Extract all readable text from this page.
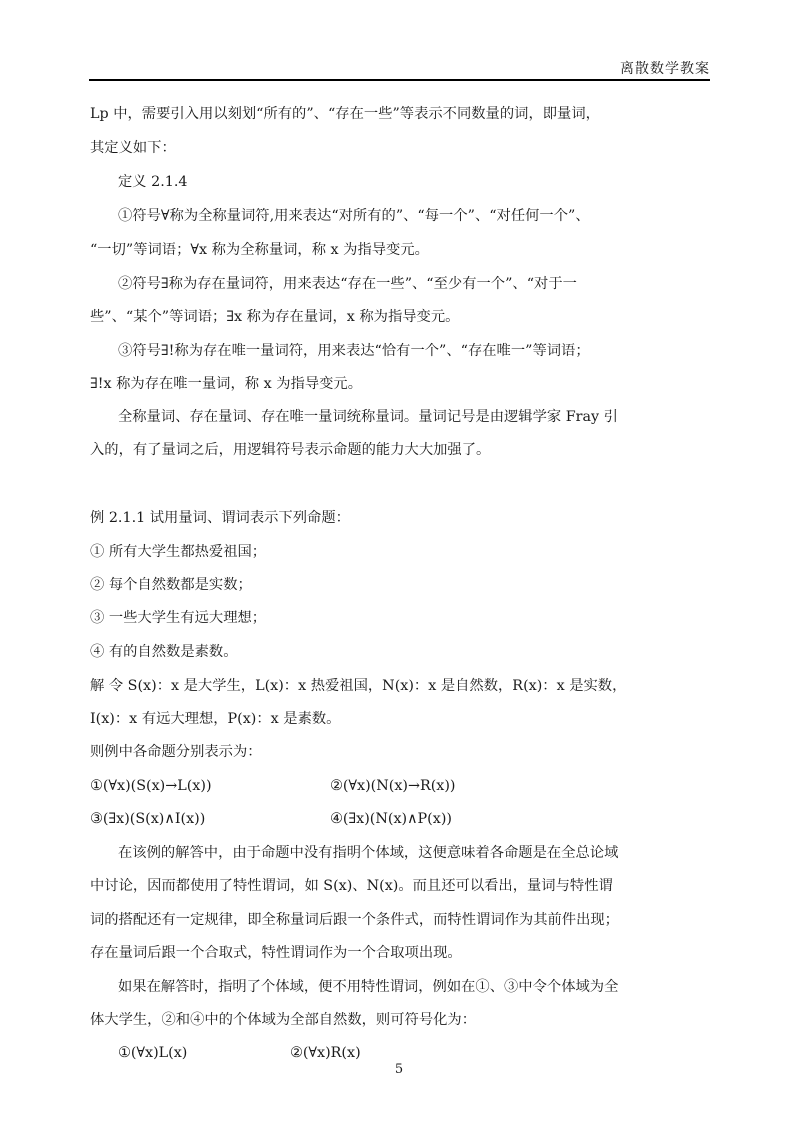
离散数学教案
Lp 中，需要引入用以刻划“所有的”、“存在一些”等表示不同数量的词，即量词，
其定义如下：
定义 2.1.4
①符号∀称为全称量词符,用来表达“对所有的”、“每一个”、“对任何一个”、
“一切”等词语；∀x 称为全称量词，称 x 为指导变元。
②符号∃称为存在量词符，用来表达“存在一些”、“至少有一个”、“对于一
些”、“某个”等词语；∃x 称为存在量词，x 称为指导变元。
③符号∃!称为存在唯一量词符，用来表达“恰有一个”、“存在唯一”等词语；
∃!x 称为存在唯一量词，称 x 为指导变元。
全称量词、存在量词、存在唯一量词统称量词。量词记号是由逻辑学家 Fray 引
入的，有了量词之后，用逻辑符号表示命题的能力大大加强了。
例 2.1.1 试用量词、谓词表示下列命题：
① 所有大学生都热爱祖国；
② 每个自然数都是实数；
③ 一些大学生有远大理想；
④ 有的自然数是素数。
解 令 S(x)：x 是大学生，L(x)：x 热爱祖国，N(x)：x 是自然数，R(x)：x 是实数，
I(x)：x 有远大理想，P(x)：x 是素数。
则例中各命题分别表示为：
①(∀x)(S(x)→L(x))	②(∀x)(N(x)→R(x))
③(∃x)(S(x)∧I(x))	④(∃x)(N(x)∧P(x))
在该例的解答中，由于命题中没有指明个体域，这便意味着各命题是在全总论域
中讨论，因而都使用了特性谓词，如 S(x)、N(x)。而且还可以看出，量词与特性谓
词的搭配还有一定规律，即全称量词后跟一个条件式，而特性谓词作为其前件出现；
存在量词后跟一个合取式，特性谓词作为一个合取项出现。
如果在解答时，指明了个体域，便不用特性谓词，例如在①、③中令个体域为全
体大学生，②和④中的个体域为全部自然数，则可符号化为：
①(∀x)L(x)	②(∀x)R(x)
5
